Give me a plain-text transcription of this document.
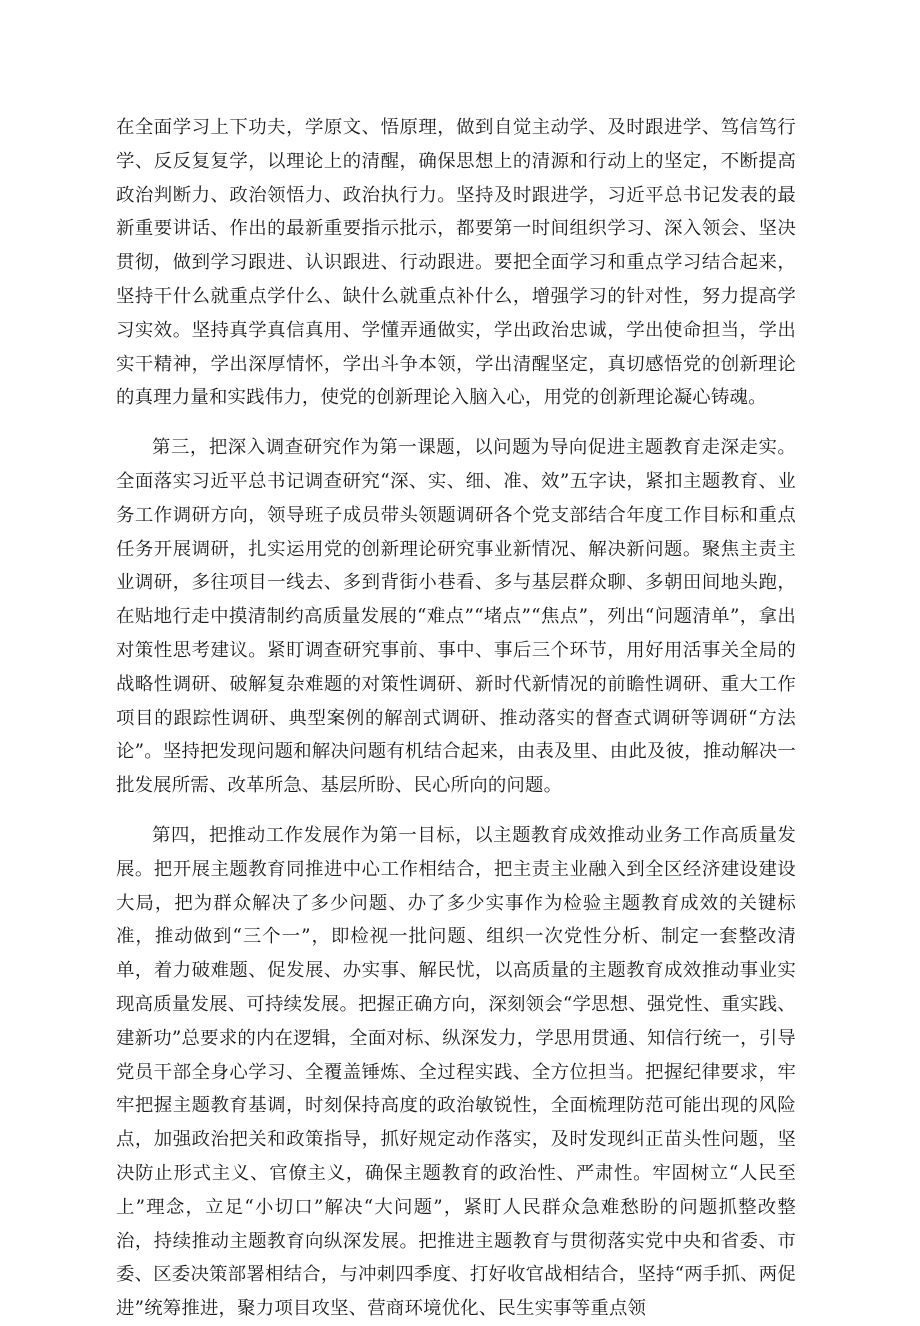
在全面学习上下功夫，学原文、悟原理，做到自觉主动学、及时跟进学、笃信笃行学、反反复复学，以理论上的清醒，确保思想上的清源和行动上的坚定，不断提高政治判断力、政治领悟力、政治执行力。坚持及时跟进学，习近平总书记发表的最新重要讲话、作出的最新重要指示批示，都要第一时间组织学习、深入领会、坚决贯彻，做到学习跟进、认识跟进、行动跟进。要把全面学习和重点学习结合起来，坚持干什么就重点学什么、缺什么就重点补什么，增强学习的针对性，努力提高学习实效。坚持真学真信真用、学懂弄通做实，学出政治忠诚，学出使命担当，学出实干精神，学出深厚情怀，学出斗争本领，学出清醒坚定，真切感悟党的创新理论的真理力量和实践伟力，使党的创新理论入脑入心，用党的创新理论凝心铸魂。

第三，把深入调查研究作为第一课题，以问题为导向促进主题教育走深走实。全面落实习近平总书记调查研究“深、实、细、准、效”五字诀，紧扣主题教育、业务工作调研方向，领导班子成员带头领题调研各个党支部结合年度工作目标和重点任务开展调研，扎实运用党的创新理论研究事业新情况、解决新问题。聚焦主责主业调研，多往项目一线去、多到背街小巷看、多与基层群众聊、多朝田间地头跑，在贴地行走中摸清制约高质量发展的“难点”“堵点”“焦点”，列出“问题清单”，拿出对策性思考建议。紧盯调查研究事前、事中、事后三个环节，用好用活事关全局的战略性调研、破解复杂难题的对策性调研、新时代新情况的前瞻性调研、重大工作项目的跟踪性调研、典型案例的解剖式调研、推动落实的督查式调研等调研“方法论”。坚持把发现问题和解决问题有机结合起来，由表及里、由此及彼，推动解决一批发展所需、改革所急、基层所盼、民心所向的问题。

第四，把推动工作发展作为第一目标，以主题教育成效推动业务工作高质量发展。把开展主题教育同推进中心工作相结合，把主责主业融入到全区经济建设建设大局，把为群众解决了多少问题、办了多少实事作为检验主题教育成效的关键标准，推动做到“三个一”，即检视一批问题、组织一次党性分析、制定一套整改清单，着力破难题、促发展、办实事、解民忧，以高质量的主题教育成效推动事业实现高质量发展、可持续发展。把握正确方向，深刻领会“学思想、强党性、重实践、建新功”总要求的内在逻辑，全面对标、纵深发力，学思用贯通、知信行统一，引导党员干部全身心学习、全覆盖锤炼、全过程实践、全方位担当。把握纪律要求，牢牢把握主题教育基调，时刻保持高度的政治敏锐性，全面梳理防范可能出现的风险点，加强政治把关和政策指导，抓好规定动作落实，及时发现纠正苗头性问题，坚决防止形式主义、官僚主义，确保主题教育的政治性、严肃性。牢固树立“人民至上”理念，立足“小切口”解决“大问题”，紧盯人民群众急难愁盼的问题抓整改整治，持续推动主题教育向纵深发展。把推进主题教育与贯彻落实党中央和省委、市委、区委决策部署相结合，与冲刺四季度、打好收官战相结合，坚持“两手抓、两促进”统筹推进，聚力项目攻坚、营商环境优化、民生实事等重点领
